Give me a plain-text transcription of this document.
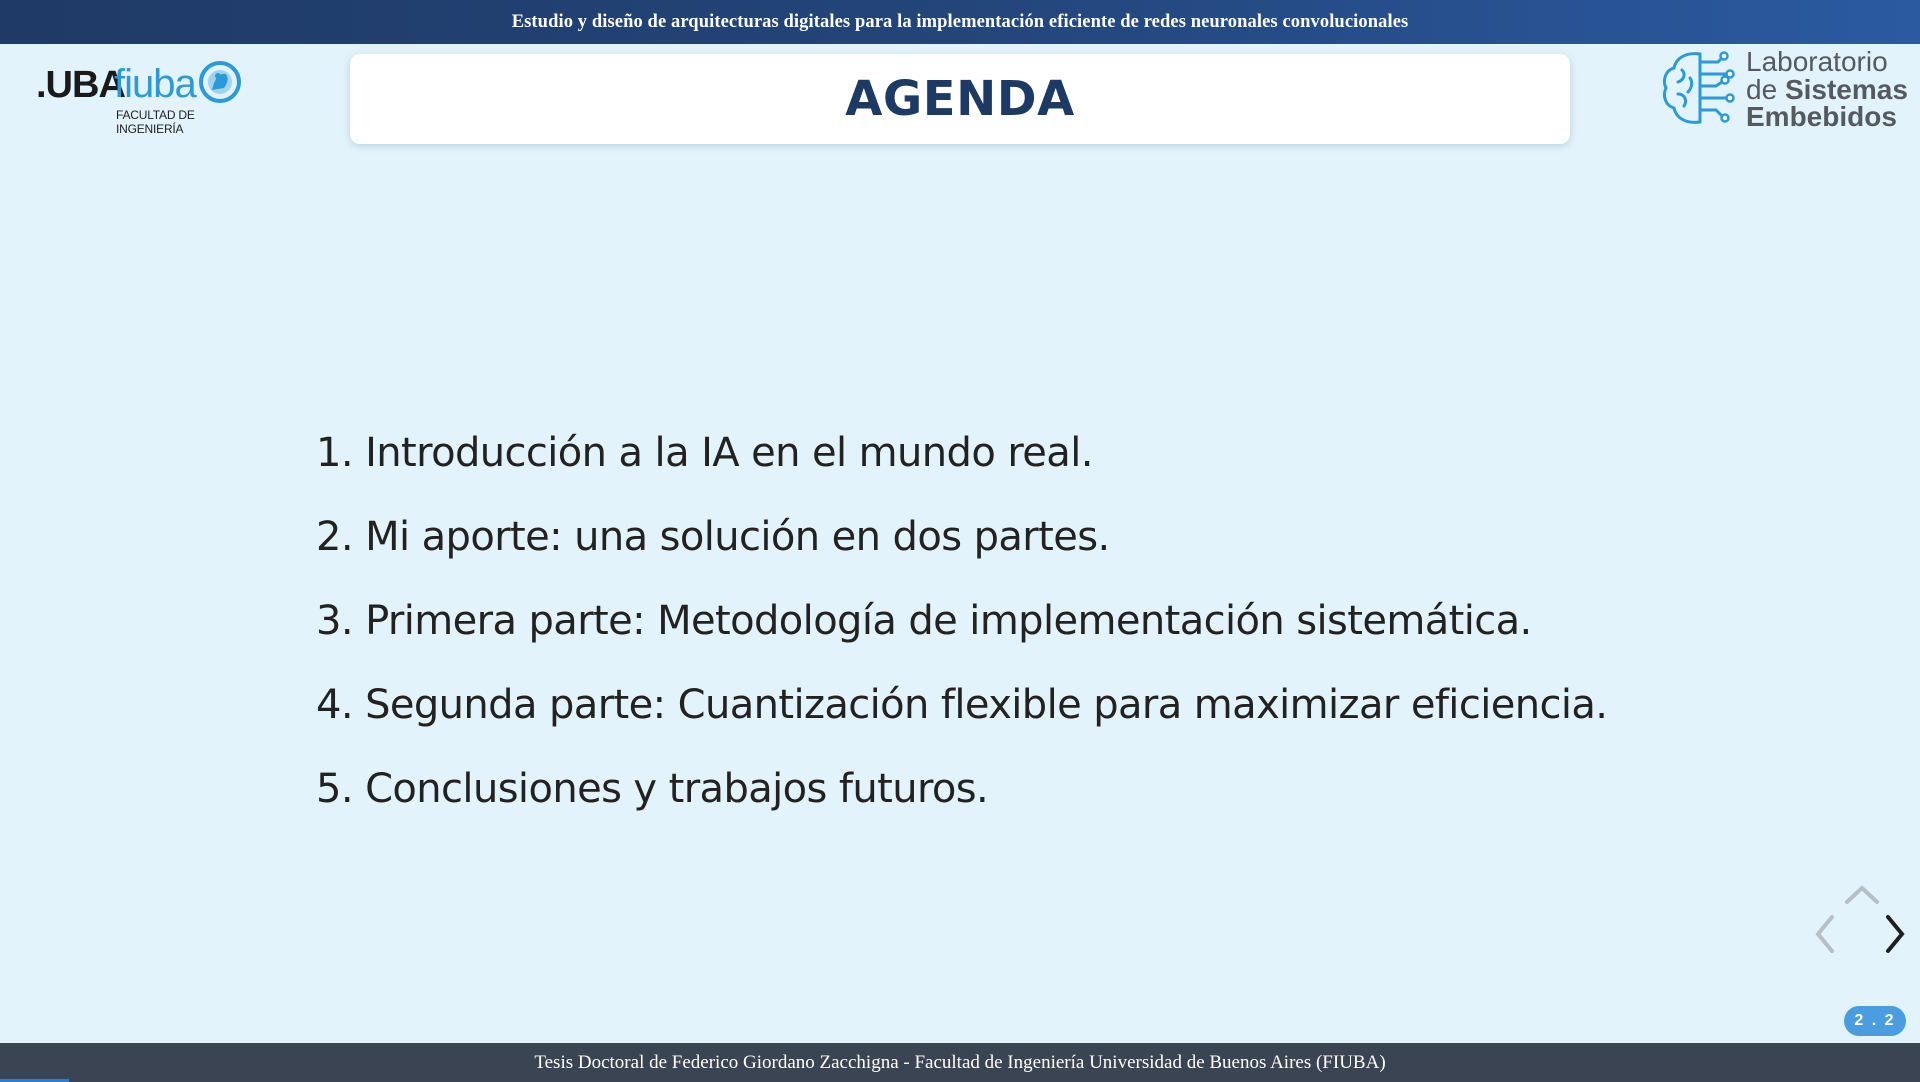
Estudio y diseño de arquitecturas digitales para la implementación eficiente de redes neuronales convolucionales
.UBA
fiuba
FACULTAD DE INGENIERÍA
Laboratorio
de Sistemas
Embebidos
AGENDA
1. Introducción a la IA en el mundo real.
2. Mi aporte: una solución en dos partes.
3. Primera parte: Metodología de implementación sistemática.
4. Segunda parte: Cuantización flexible para maximizar eficiencia.
5. Conclusiones y trabajos futuros.
2 . 2
Tesis Doctoral de Federico Giordano Zacchigna - Facultad de Ingeniería Universidad de Buenos Aires (FIUBA)
